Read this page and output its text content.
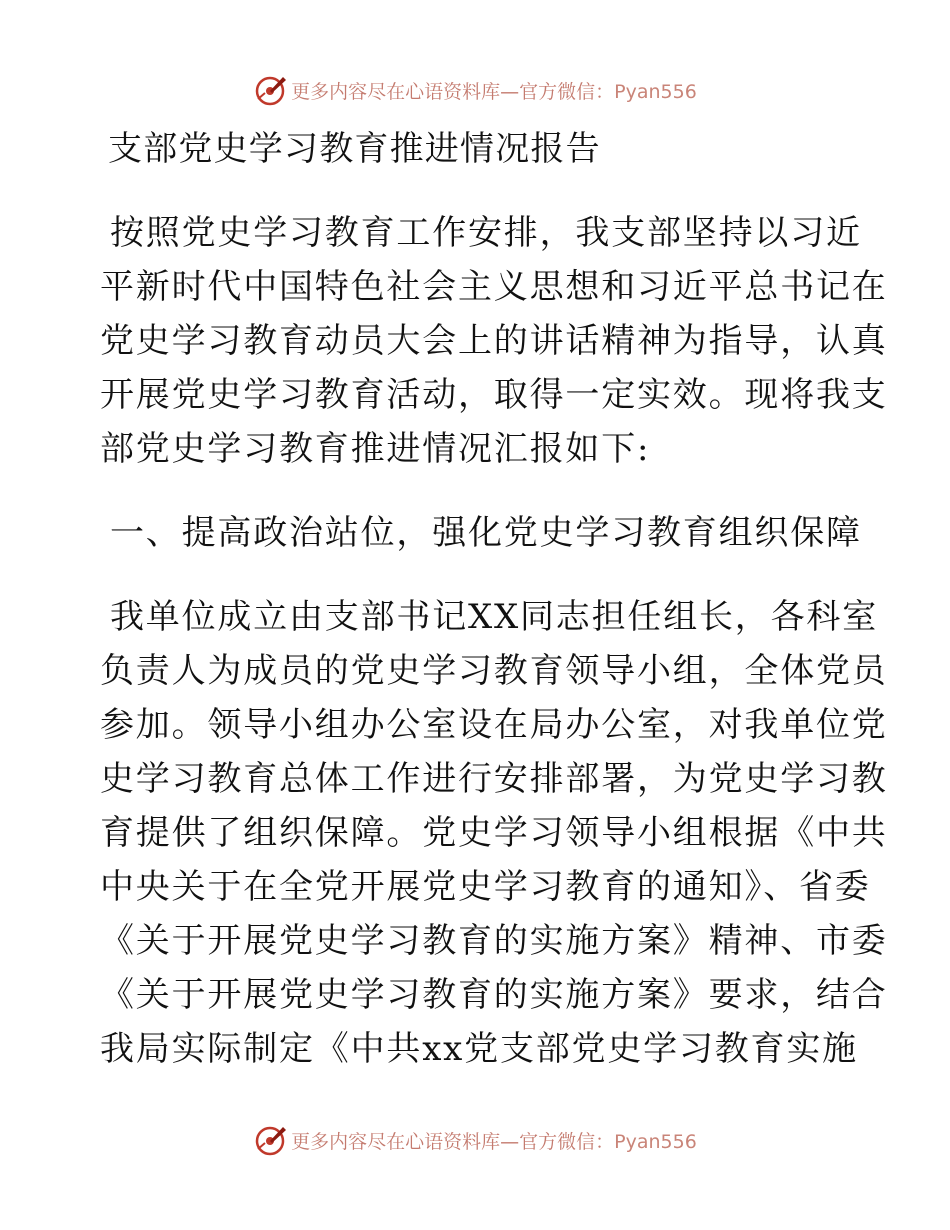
更多内容尽在心语资料库—官方微信：Pyan556
支部党史学习教育推进情况报告
按照党史学习教育工作安排，我支部坚持以习近
平新时代中国特色社会主义思想和习近平总书记在
党史学习教育动员大会上的讲话精神为指导，认真
开展党史学习教育活动，取得一定实效。现将我支
部党史学习教育推进情况汇报如下:
一、提高政治站位，强化党史学习教育组织保障
我单位成立由支部书记XX同志担任组长，各科室
负责人为成员的党史学习教育领导小组，全体党员
参加。领导小组办公室设在局办公室，对我单位党
史学习教育总体工作进行安排部署，为党史学习教
育提供了组织保障。党史学习领导小组根据《中共
中央关于在全党开展党史学习教育的通知》、省委
《关于开展党史学习教育的实施方案》精神、市委
《关于开展党史学习教育的实施方案》要求，结合
我局实际制定《中共xx党支部党史学习教育实施
更多内容尽在心语资料库—官方微信：Pyan556
